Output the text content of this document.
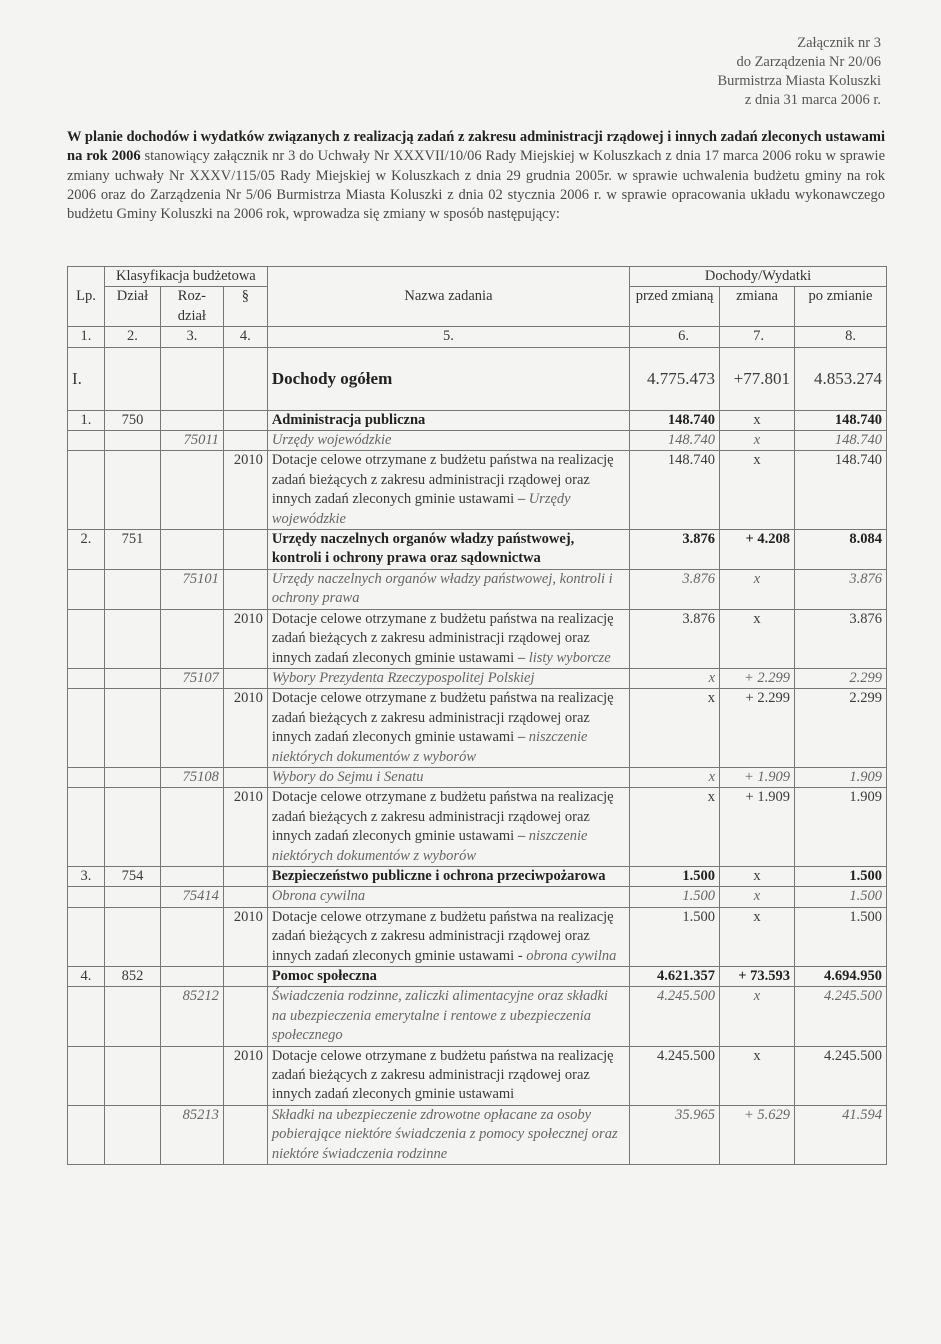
Załącznik nr 3
do Zarządzenia Nr 20/06
Burmistrza Miasta Koluszki
z dnia 31 marca 2006 r.
W planie dochodów i wydatków związanych z realizacją zadań z zakresu administracji rządowej i innych zadań zleconych ustawami na rok 2006 stanowiący załącznik nr 3 do Uchwały Nr XXXVII/10/06 Rady Miejskiej w Koluszkach z dnia 17 marca 2006 roku w sprawie zmiany uchwały Nr XXXV/115/05 Rady Miejskiej w Koluszkach z dnia 29 grudnia 2005r. w sprawie uchwalenia budżetu gminy na rok 2006 oraz do Zarządzenia Nr 5/06 Burmistrza Miasta Koluszki z dnia 02 stycznia 2006 r. w sprawie opracowania układu wykonawczego budżetu Gminy Koluszki na 2006 rok, wprowadza się zmiany w sposób następujący:
Lp.	Klasyfikacja budżetowa			Nazwa zadania	Dochody/Wydatki		
	Dział	Roz-dział	§		przed zmianą	zmiana	po zmianie
1.	2.	3.	4.	5.	6.	7.	8.
I.				Dochody ogółem	4.775.473	+77.801	4.853.274
1.	750			Administracja publiczna	148.740	x	148.740
		75011		Urzędy wojewódzkie	148.740	x	148.740
			2010	Dotacje celowe otrzymane z budżetu państwa na realizację zadań bieżących z zakresu administracji rządowej oraz innych zadań zleconych gminie ustawami – Urzędy wojewódzkie	148.740	x	148.740
2.	751			Urzędy naczelnych organów władzy państwowej, kontroli i ochrony prawa oraz sądownictwa	3.876	+ 4.208	8.084
		75101		Urzędy naczelnych organów władzy państwowej, kontroli i ochrony prawa	3.876	x	3.876
			2010	Dotacje celowe otrzymane z budżetu państwa na realizację zadań bieżących z zakresu administracji rządowej oraz innych zadań zleconych gminie ustawami – listy wyborcze	3.876	x	3.876
		75107		Wybory Prezydenta Rzeczypospolitej Polskiej	x	+ 2.299	2.299
			2010	Dotacje celowe otrzymane z budżetu państwa na realizację zadań bieżących z zakresu administracji rządowej oraz innych zadań zleconych gminie ustawami – niszczenie niektórych dokumentów z wyborów	x	+ 2.299	2.299
		75108		Wybory do Sejmu i Senatu	x	+ 1.909	1.909
			2010	Dotacje celowe otrzymane z budżetu państwa na realizację zadań bieżących z zakresu administracji rządowej oraz innych zadań zleconych gminie ustawami – niszczenie niektórych dokumentów z wyborów	x	+ 1.909	1.909
3.	754			Bezpieczeństwo publiczne i ochrona przeciwpożarowa	1.500	x	1.500
		75414		Obrona cywilna	1.500	x	1.500
			2010	Dotacje celowe otrzymane z budżetu państwa na realizację zadań bieżących z zakresu administracji rządowej oraz innych zadań zleconych gminie ustawami - obrona cywilna	1.500	x	1.500
4.	852			Pomoc społeczna	4.621.357	+ 73.593	4.694.950
		85212		Świadczenia rodzinne, zaliczki alimentacyjne oraz składki na ubezpieczenia emerytalne i rentowe z ubezpieczenia społecznego	4.245.500	x	4.245.500
			2010	Dotacje celowe otrzymane z budżetu państwa na realizację zadań bieżących z zakresu administracji rządowej oraz innych zadań zleconych gminie ustawami	4.245.500	x	4.245.500
		85213		Składki na ubezpieczenie zdrowotne opłacane za osoby pobierające niektóre świadczenia z pomocy społecznej oraz niektóre świadczenia rodzinne	35.965	+ 5.629	41.594
